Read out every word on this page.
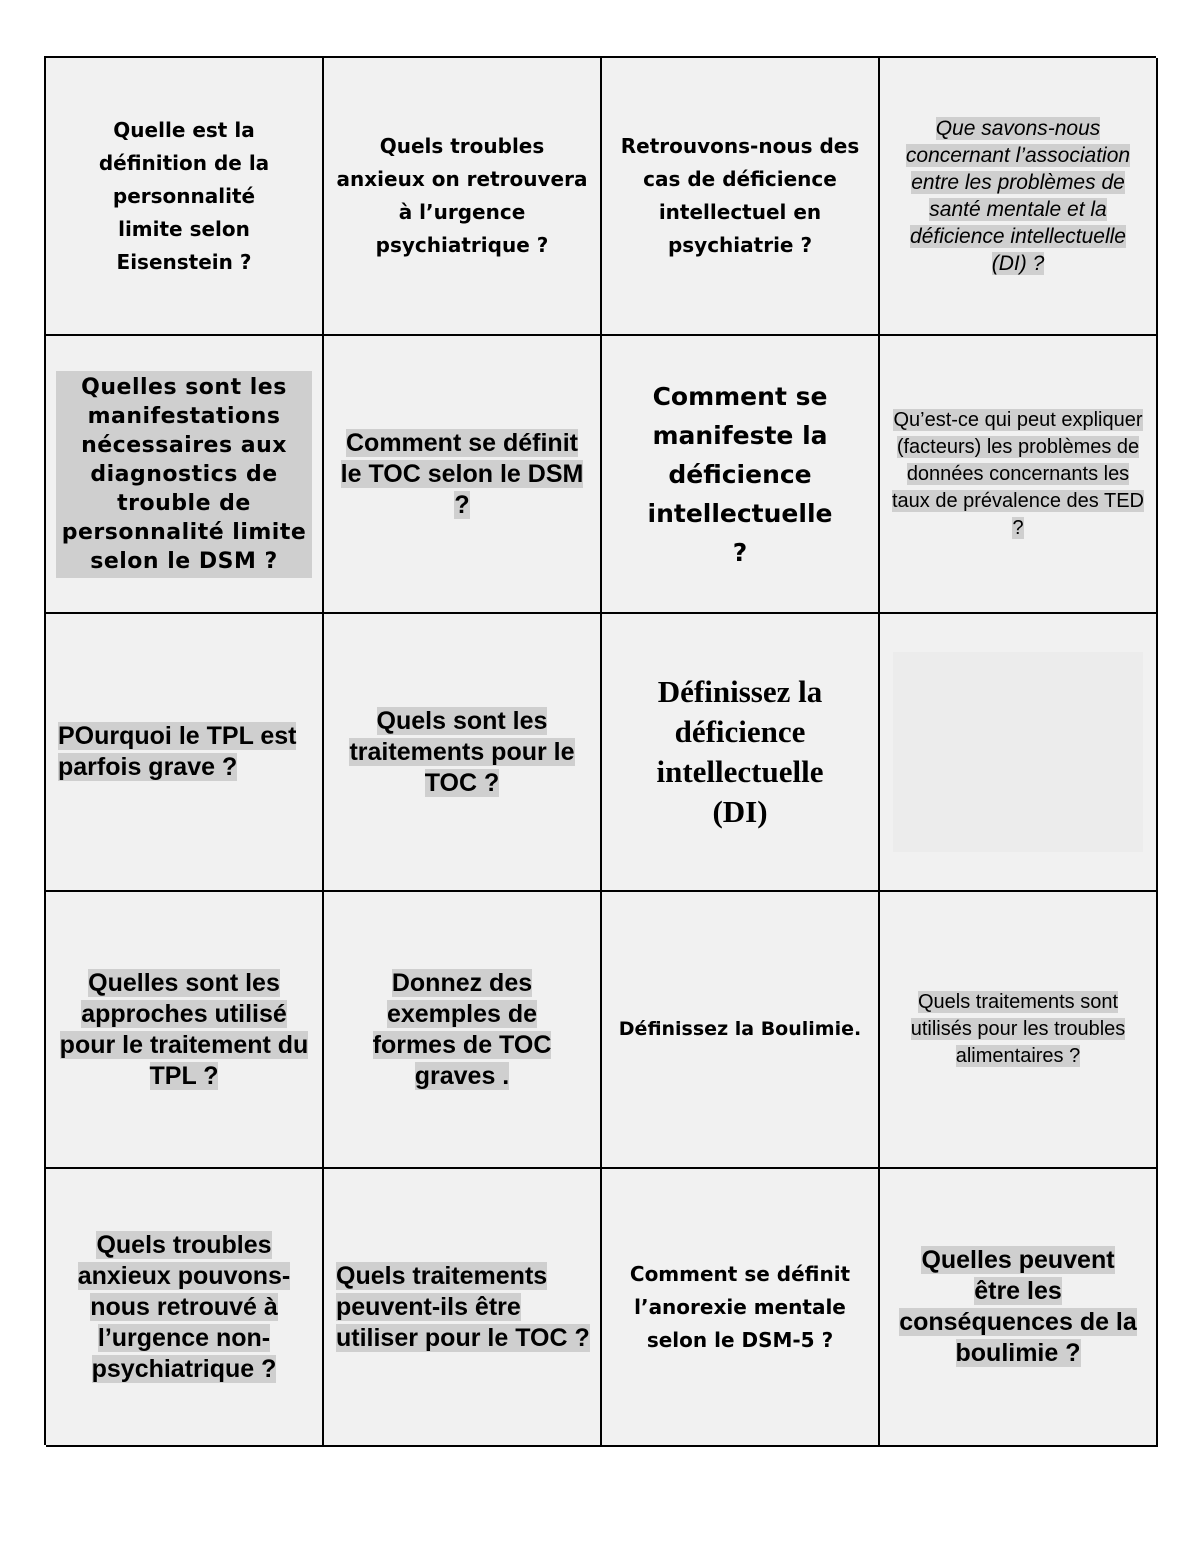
Quelle est la définition de la personnalité limite selon Eisenstein ?
Quels troubles anxieux on retrouvera à l’urgence psychiatrique ?
Retrouvons-nous des cas de déficience intellectuel en psychiatrie ?
Que savons-nous concernant l’association entre les problèmes de santé mentale et la déficience intellectuelle (DI) ?
Quelles sont les manifestations nécessaires aux diagnostics de trouble de personnalité limite selon le DSM ?
Comment se définit le TOC selon le DSM ?
Comment se manifeste la déficience intellectuelle ?
Qu’est-ce qui peut expliquer (facteurs) les problèmes de données concernants les taux de prévalence des TED ?
POurquoi le TPL est parfois grave ?
Quels sont les traitements pour le TOC ?
Définissez la déficience intellectuelle (DI)
Quelles sont les approches utilisé pour le traitement du TPL ?
Donnez des exemples de formes de TOC graves .
Définissez la Boulimie.
Quels traitements sont utilisés pour les troubles alimentaires ?
Quels troubles anxieux pouvons-nous retrouvé à l’urgence non-psychiatrique ?
Quels traitements peuvent-ils être utiliser pour le TOC ?
Comment se définit l’anorexie mentale selon le DSM-5 ?
Quelles peuvent être les conséquences de la boulimie ?
